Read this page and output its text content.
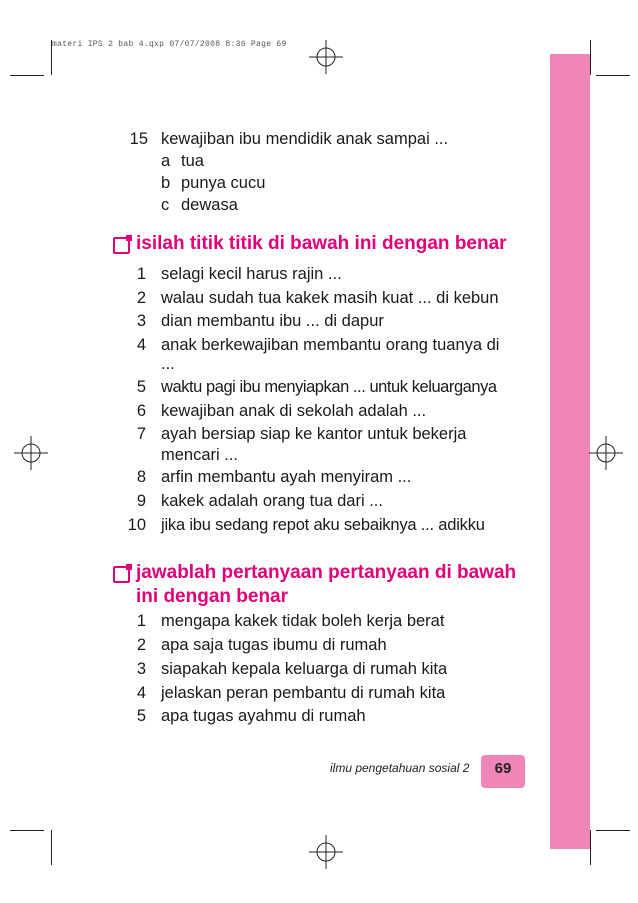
materi IPS 2 bab 4.qxp 07/07/2008 8:36 Page 69
15 kewajiban ibu mendidik anak sampai ...
a tua
b punya cucu
c dewasa
isilah titik titik di bawah ini dengan benar
1 selagi kecil harus rajin ...
2 walau sudah tua kakek masih kuat ... di kebun
3 dian membantu ibu ... di dapur
4 anak berkewajiban membantu orang tuanya di
...
5 waktu pagi ibu menyiapkan ... untuk keluarganya
6 kewajiban anak di sekolah adalah ...
7 ayah bersiap siap ke kantor untuk bekerja
mencari ...
8 arfin membantu ayah menyiram ...
9 kakek adalah orang tua dari ...
10 jika ibu sedang repot aku sebaiknya ... adikku
jawablah pertanyaan pertanyaan di bawah
ini dengan benar
1 mengapa kakek tidak boleh kerja berat
2 apa saja tugas ibumu di rumah
3 siapakah kepala keluarga di rumah kita
4 jelaskan peran pembantu di rumah kita
5 apa tugas ayahmu di rumah
ilmu pengetahuan sosial 2 69
